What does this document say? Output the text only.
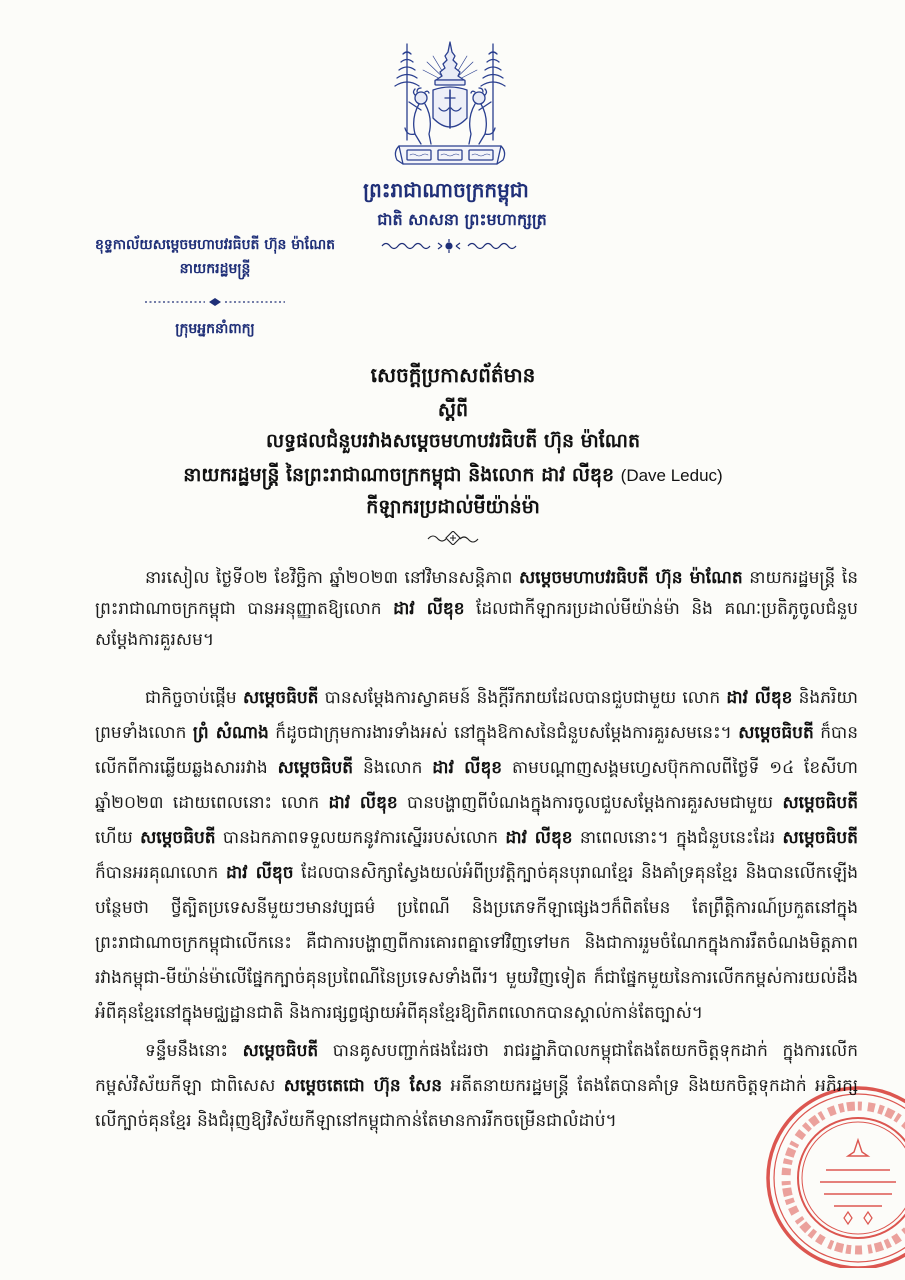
ព្រះរាជាណាចក្រកម្ពុជា
ជាតិ សាសនា ព្រះមហាក្សត្រ
ខុទ្ទកាល័យសម្ដេចមហាបវរធិបតី ហ៊ុន ម៉ាណែត
នាយករដ្ឋមន្ត្រី
ក្រុមអ្នកនាំពាក្យ
សេចក្ដីប្រកាសព័ត៌មាន
ស្ដីពី
លទ្ធផលជំនួបរវាងសម្ដេចមហាបវរធិបតី ហ៊ុន ម៉ាណែត
នាយករដ្ឋមន្ត្រី នៃព្រះរាជាណាចក្រកម្ពុជា និងលោក ដាវ លីឌុខ (Dave Leduc)
កីឡាករប្រដាល់មីយ៉ាន់ម៉ា

នារសៀល ថ្ងៃទី០២ ខែវិច្ឆិកា ឆ្នាំ២០២៣ នៅវិមានសន្តិភាព សម្ដេចមហាបវរធិបតី ហ៊ុន ម៉ាណែត នាយករដ្ឋមន្ត្រី នៃព្រះរាជាណាចក្រកម្ពុជា បានអនុញ្ញាតឱ្យលោក ដាវ លីឌុខ ដែលជាកីឡាករប្រដាល់មីយ៉ាន់ម៉ា និង គណៈប្រតិភូចូលជំនួបសម្ដែងការគួរសម។

ជាកិច្ចចាប់ផ្ដើម សម្ដេចធិបតី បានសម្ដែងការស្វាគមន៍ និងក្ដីរីករាយដែលបានជួបជាមួយ លោក ដាវ លីឌុខ និងភរិយា ព្រមទាំងលោក ព្រំ សំណាង ក៏ដូចជាក្រុមការងារទាំងអស់ នៅក្នុងឱកាសនៃជំនួបសម្ដែងការគួរសមនេះ។ សម្ដេចធិបតី ក៏បានលើកពីការឆ្លើយឆ្លងសាររវាង សម្ដេចធិបតី និងលោក ដាវ លីឌុខ តាមបណ្ដាញសង្គមហ្វេសប៊ុកកាលពីថ្ងៃទី ១៤ ខែសីហា ឆ្នាំ២០២៣ ដោយពេលនោះ លោក ដាវ លីឌុខ បានបង្ហាញពីបំណងក្នុងការចូលជួបសម្ដែងការគួរសមជាមួយ សម្ដេចធិបតី ហើយ សម្ដេចធិបតី បានឯកភាពទទួលយកនូវការស្នើររបស់លោក ដាវ លីឌុខ នាពេលនោះ។ ក្នុងជំនួបនេះដែរ សម្ដេចធិបតី ក៏បានអរគុណលោក ដាវ លីឌុច ដែលបានសិក្សាស្វែងយល់អំពីប្រវត្តិក្បាច់គុនបុរាណខ្មែរ និងគាំទ្រគុនខ្មែរ និងបានលើកឡើងបន្ថែមថា ថ្វីត្បិតប្រទេសនីមួយៗមានវប្បធម៌ ប្រពៃណី និងប្រភេទកីឡាផ្សេងៗក៏ពិតមែន តែព្រឹត្តិការណ៍ប្រកួតនៅក្នុងព្រះរាជាណាចក្រកម្ពុជាលើកនេះ គឺជាការបង្ហាញពីការគោរពគ្នាទៅវិញទៅមក និងជាការរួមចំណែកក្នុងការរឹតចំណងមិត្តភាពរវាងកម្ពុជា-មីយ៉ាន់ម៉ាលើផ្នែកក្បាច់គុនប្រពៃណីនៃប្រទេសទាំងពីរ។ មួយវិញទៀត ក៏ជាផ្នែកមួយនៃការលើកកម្ពស់ការយល់ដឹងអំពីគុនខ្មែរនៅក្នុងមជ្ឈដ្ឋានជាតិ និងការផ្សព្វផ្សាយអំពីគុនខ្មែរឱ្យពិភពលោកបានស្គាល់កាន់តែច្បាស់។

ទន្ទឹមនឹងនោះ សម្ដេចធិបតី បានគូសបញ្ជាក់ផងដែរថា រាជរដ្ឋាភិបាលកម្ពុជាតែងតែយកចិត្តទុកដាក់ ក្នុងការលើកកម្ពស់វិស័យកីឡា ជាពិសេស សម្ដេចតេជោ ហ៊ុន សែន អតីតនាយករដ្ឋមន្ត្រី តែងតែបានគាំទ្រ និងយកចិត្តទុកដាក់ អភិរក្សលើក្បាច់គុនខ្មែរ និងជំរុញឱ្យវិស័យកីឡានៅកម្ពុជាកាន់តែមានការរីកចម្រើនជាលំដាប់។
